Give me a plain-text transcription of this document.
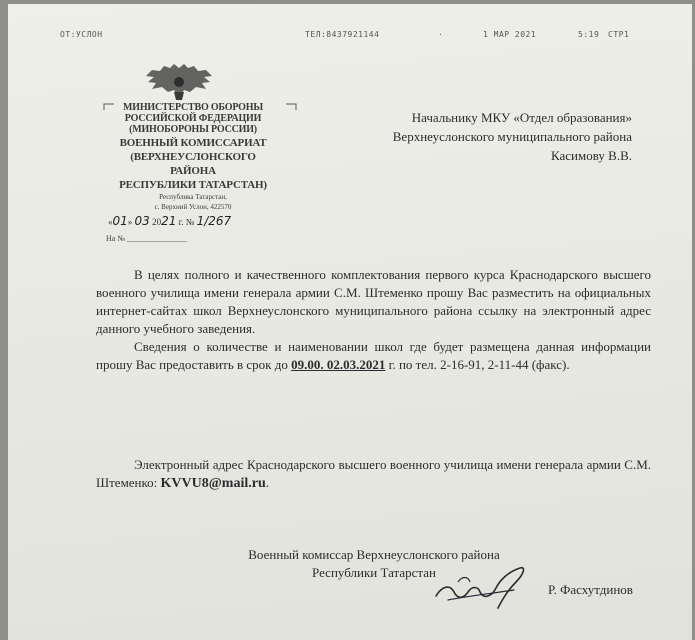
ОТ:УСЛОН	ТЕЛ:8437921144	·	1 МАР 2021	5:19 СТР1
МИНИСТЕРСТВО ОБОРОНЫ
РОССИЙСКОЙ ФЕДЕРАЦИИ
(МИНОБОРОНЫ РОССИИ)
ВОЕННЫЙ КОМИССАРИАТ
(ВЕРХНЕУСЛОНСКОГО
РАЙОНА
РЕСПУБЛИКИ ТАТАРСТАН)
Республика Татарстан,
с. Верхний Услон, 422570
«01» 03 2021 г. № 1/267
На № _______________
Начальнику МКУ «Отдел образования»
Верхнеуслонского муниципального района
Касимову В.В.

В целях полного и качественного комплектования первого курса Краснодарского высшего военного училища имени генерала армии С.М. Штеменко прошу Вас разместить на официальных интернет-сайтах школ Верхнеуслонского муниципального района ссылку на электронный адрес данного учебного заведения.

Сведения о количестве и наименовании школ где будет размещена данная информации прошу Вас предоставить в срок до 09.00. 02.03.2021 г. по тел. 2-16-91, 2-11-44 (факс).

Электронный адрес Краснодарского высшего военного училища имени генерала армии С.М. Штеменко: KVVU8@mail.ru.

Военный комиссар Верхнеуслонского района
Республики Татарстан
Р. Фасхутдинов
